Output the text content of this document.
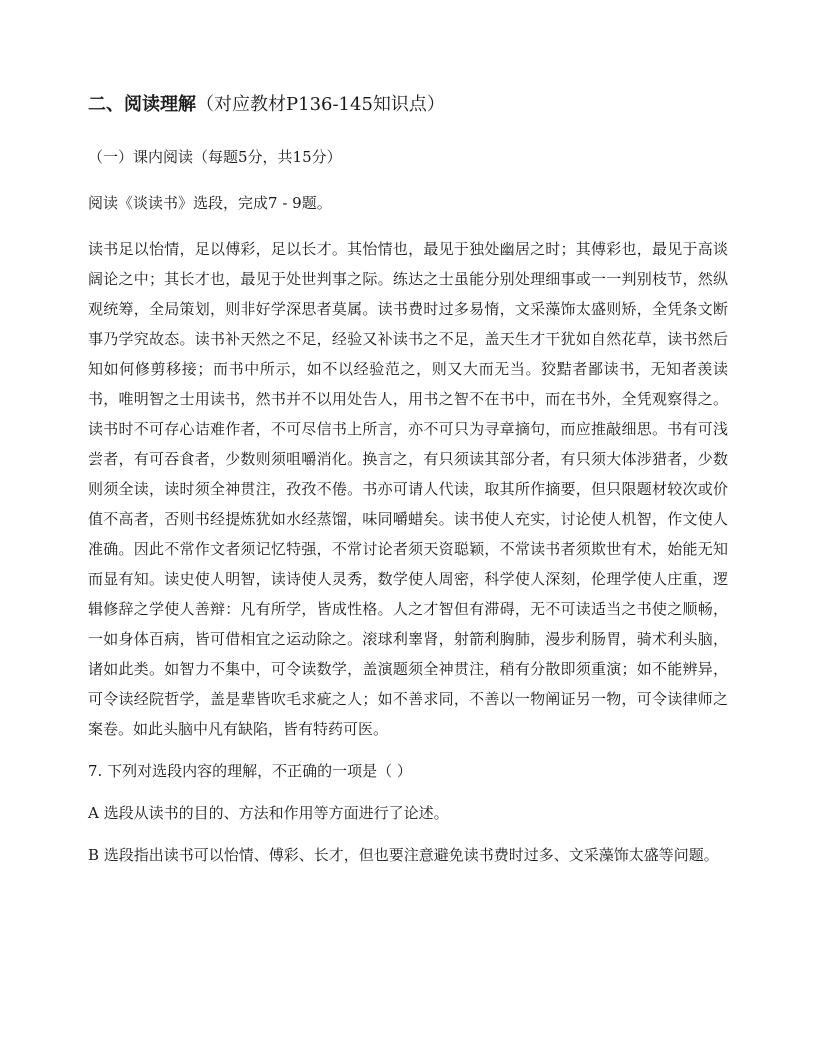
二、阅读理解（对应教材P136-145知识点）

（一）课内阅读（每题5分，共15分）

阅读《谈读书》选段，完成7 - 9题。

读书足以怡情，足以傅彩，足以长才。其怡情也，最见于独处幽居之时；其傅彩也，最见于高谈阔论之中；其长才也，最见于处世判事之际。练达之士虽能分别处理细事或一一判别枝节，然纵观统筹，全局策划，则非好学深思者莫属。读书费时过多易惰，文采藻饰太盛则矫，全凭条文断事乃学究故态。读书补天然之不足，经验又补读书之不足，盖天生才干犹如自然花草，读书然后知如何修剪移接；而书中所示，如不以经验范之，则又大而无当。狡黠者鄙读书，无知者羡读书，唯明智之士用读书，然书并不以用处告人，用书之智不在书中，而在书外，全凭观察得之。读书时不可存心诘难作者，不可尽信书上所言，亦不可只为寻章摘句，而应推敲细思。书有可浅尝者，有可吞食者，少数则须咀嚼消化。换言之，有只须读其部分者，有只须大体涉猎者，少数则须全读，读时须全神贯注，孜孜不倦。书亦可请人代读，取其所作摘要，但只限题材较次或价值不高者，否则书经提炼犹如水经蒸馏，味同嚼蜡矣。读书使人充实，讨论使人机智，作文使人准确。因此不常作文者须记忆特强，不常讨论者须天资聪颖，不常读书者须欺世有术，始能无知而显有知。读史使人明智，读诗使人灵秀，数学使人周密，科学使人深刻，伦理学使人庄重，逻辑修辞之学使人善辩：凡有所学，皆成性格。人之才智但有滞碍，无不可读适当之书使之顺畅，一如身体百病，皆可借相宜之运动除之。滚球利睾肾，射箭利胸肺，漫步利肠胃，骑术利头脑，诸如此类。如智力不集中，可令读数学，盖演题须全神贯注，稍有分散即须重演；如不能辨异，可令读经院哲学，盖是辈皆吹毛求疵之人；如不善求同，不善以一物阐证另一物，可令读律师之案卷。如此头脑中凡有缺陷，皆有特药可医。

7. 下列对选段内容的理解，不正确的一项是（ ）

A 选段从读书的目的、方法和作用等方面进行了论述。

B 选段指出读书可以怡情、傅彩、长才，但也要注意避免读书费时过多、文采藻饰太盛等问题。
